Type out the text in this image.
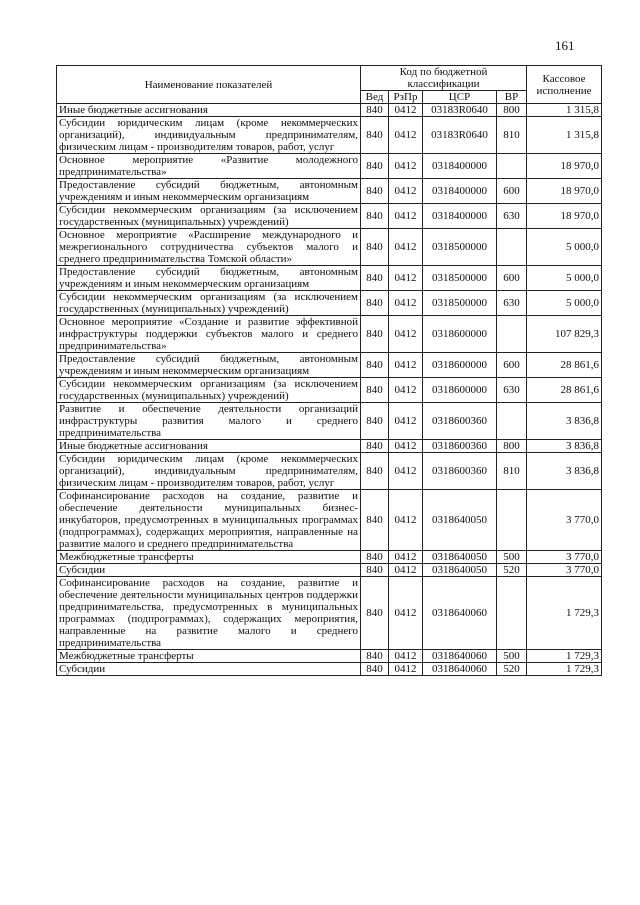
161
Наименование показателей	Код по бюджетной классификации				Кассовое исполнение
	Вед	РзПр	ЦСР	ВР	
Иные бюджетные ассигнования	840	0412	03183R0640	800	1 315,8
Субсидии юридическим лицам (кроме некоммерческих организаций), индивидуальным предпринимателям, физическим лицам - производителям товаров, работ, услуг	840	0412	03183R0640	810	1 315,8
Основное мероприятие «Развитие молодежного предпринимательства»	840	0412	0318400000		18 970,0
Предоставление субсидий бюджетным, автономным учреждениям и иным некоммерческим организациям	840	0412	0318400000	600	18 970,0
Субсидии некоммерческим организациям (за исключением государственных (муниципальных) учреждений)	840	0412	0318400000	630	18 970,0
Основное мероприятие «Расширение международного и межрегионального сотрудничества субъектов малого и среднего предпринимательства Томской области»	840	0412	0318500000		5 000,0
Предоставление субсидий бюджетным, автономным учреждениям и иным некоммерческим организациям	840	0412	0318500000	600	5 000,0
Субсидии некоммерческим организациям (за исключением государственных (муниципальных) учреждений)	840	0412	0318500000	630	5 000,0
Основное мероприятие «Создание и развитие эффективной инфраструктуры поддержки субъектов малого и среднего предпринимательства»	840	0412	0318600000		107 829,3
Предоставление субсидий бюджетным, автономным учреждениям и иным некоммерческим организациям	840	0412	0318600000	600	28 861,6
Субсидии некоммерческим организациям (за исключением государственных (муниципальных) учреждений)	840	0412	0318600000	630	28 861,6
Развитие и обеспечение деятельности организаций инфраструктуры развития малого и среднего предпринимательства	840	0412	0318600360		3 836,8
Иные бюджетные ассигнования	840	0412	0318600360	800	3 836,8
Субсидии юридическим лицам (кроме некоммерческих организаций), индивидуальным предпринимателям, физическим лицам - производителям товаров, работ, услуг	840	0412	0318600360	810	3 836,8
Софинансирование расходов на создание, развитие и обеспечение деятельности муниципальных бизнес-инкубаторов, предусмотренных в муниципальных программах (подпрограммах), содержащих мероприятия, направленные на развитие малого и среднего предпринимательства	840	0412	0318640050		3 770,0
Межбюджетные трансферты	840	0412	0318640050	500	3 770,0
Субсидии	840	0412	0318640050	520	3 770,0
Софинансирование расходов на создание, развитие и обеспечение деятельности муниципальных центров поддержки предпринимательства, предусмотренных в муниципальных программах (подпрограммах), содержащих мероприятия, направленные на развитие малого и среднего предпринимательства	840	0412	0318640060		1 729,3
Межбюджетные трансферты	840	0412	0318640060	500	1 729,3
Субсидии	840	0412	0318640060	520	1 729,3
